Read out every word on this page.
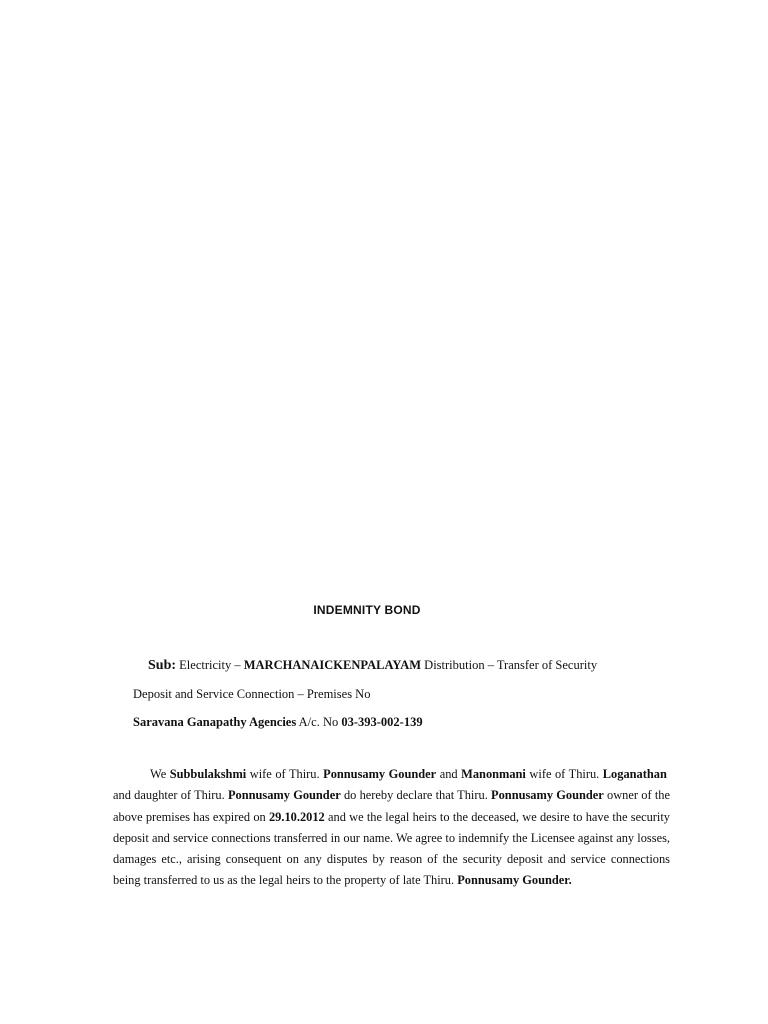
INDEMNITY BOND
Sub: Electricity – MARCHANAICKENPALAYAM Distribution – Transfer of Security
Deposit and Service Connection – Premises No
Saravana Ganapathy Agencies A/c. No 03-393-002-139

We Subbulakshmi wife of Thiru. Ponnusamy Gounder and Manonmani wife of Thiru. Loganathan  and daughter of Thiru. Ponnusamy Gounder do hereby declare that Thiru. Ponnusamy Gounder owner of the above premises has expired on 29.10.2012 and we the legal heirs to the deceased, we desire to have the security deposit and service connections transferred in our name. We agree to indemnify the Licensee against any losses, damages etc., arising consequent on any disputes by reason of the security deposit and service connections being transferred to us as the legal heirs to the property of late Thiru. Ponnusamy Gounder.
